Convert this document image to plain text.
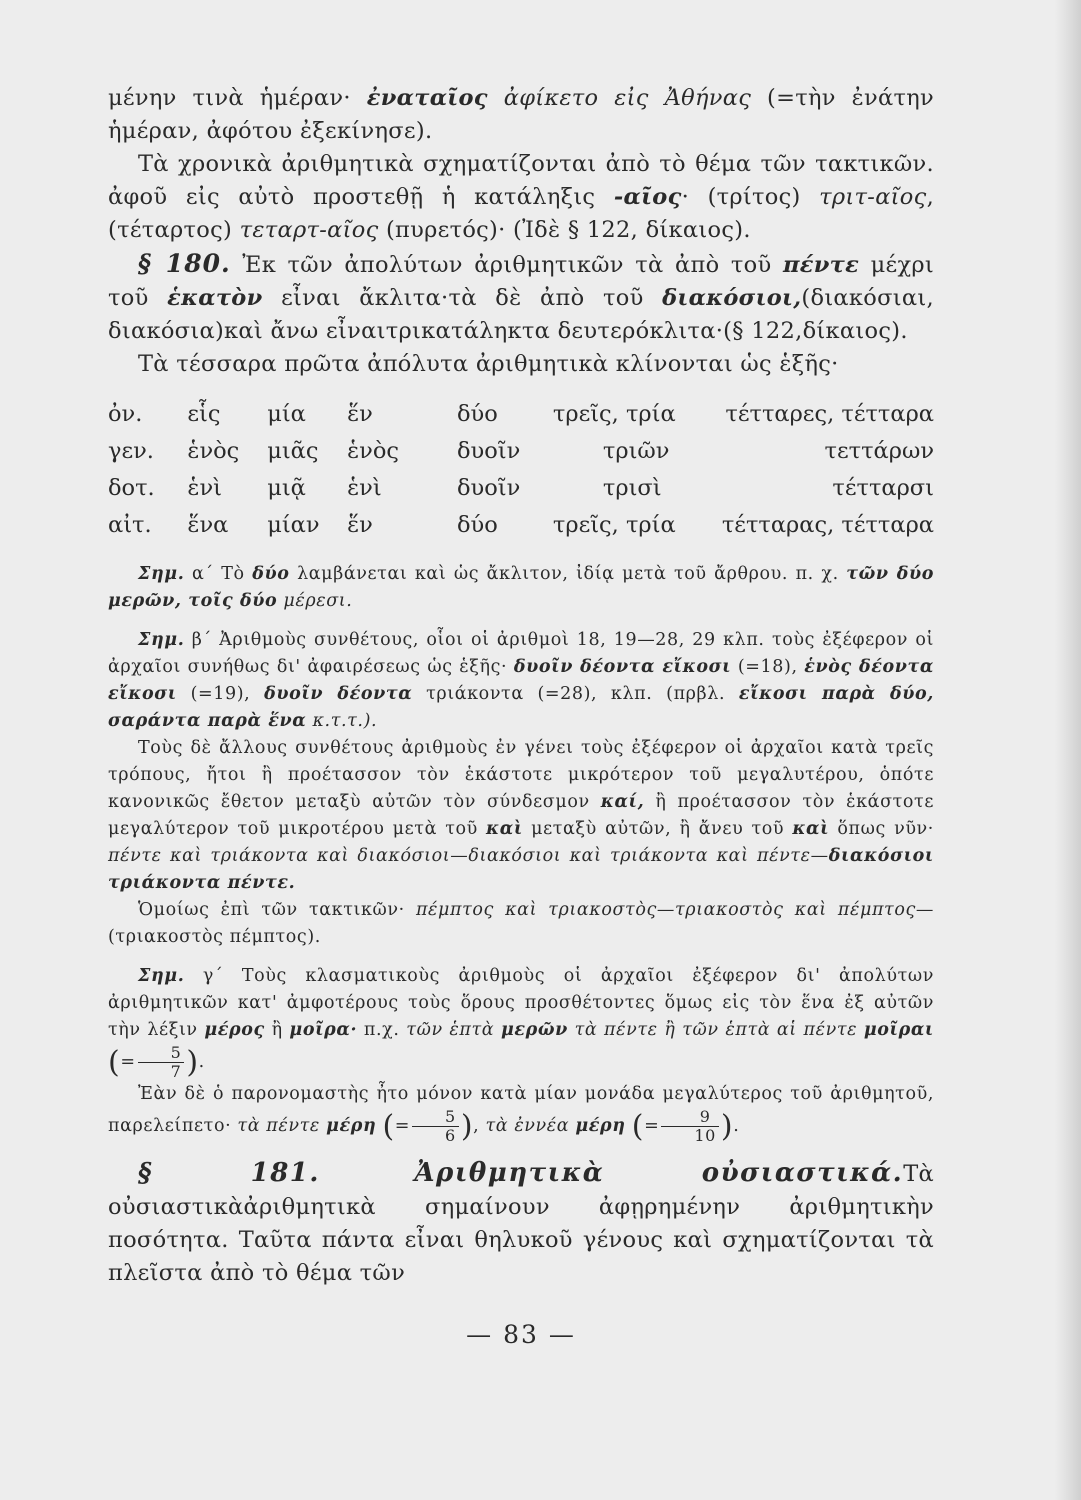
μένην τινὰ ἡμέραν· ἐναταῖος ἀφίκετο εἰς Ἀθήνας (=τὴν ἐνάτην ἡμέραν, ἀφότου ἐξεκίνησε).

Τὰ χρονικὰ ἀριθμητικὰ σχηματίζονται ἀπὸ τὸ θέμα τῶν τακτικῶν. ἀφοῦ εἰς αὐτὸ προστεθῇ ἡ κατάληξις -αῖος· (τρίτος) τριτ-αῖος, (τέταρτος) τεταρτ-αῖος (πυρετός)· (Ἰδὲ § 122, δίκαιος).

§ 180. Ἐκ τῶν ἀπολύτων ἀριθμητικῶν τὰ ἀπὸ τοῦ πέντε μέχρι τοῦ ἑκατὸν εἶναι ἄκλιτα·τὰ δὲ ἀπὸ τοῦ διακόσιοι,(διακόσιαι, διακόσια)καὶ ἄνω εἶναιτρικατάληκτα δευτερόκλιτα·(§ 122,δίκαιος).

Τὰ τέσσαρα πρῶτα ἀπόλυτα ἀριθμητικὰ κλίνονται ὡς ἑξῆς·

ὀν.	εἷς	μία	ἕν	δύο	τρεῖς, τρία	τέτταρες, τέτταρα
γεν.	ἑνὸς	μιᾶς	ἑνὸς	δυοῖν	τριῶν	τεττάρων
δοτ.	ἑνὶ	μιᾷ	ἑνὶ	δυοῖν	τρισὶ	τέτταρσι
αἰτ.	ἕνα	μίαν	ἕν	δύο	τρεῖς, τρία	τέτταρας, τέτταρα

Σημ. α΄ Τὸ δύο λαμβάνεται καὶ ὡς ἄκλιτον, ἰδίᾳ μετὰ τοῦ ἄρθρου. π. χ. τῶν δύο μερῶν, τοῖς δύο μέρεσι.

Σημ. β΄ Ἀριθμοὺς συνθέτους, οἷοι οἱ ἀριθμοὶ 18, 19—28, 29 κλπ. τοὺς ἐξέφερον οἱ ἀρχαῖοι συνήθως δι' ἀφαιρέσεως ὡς ἑξῆς· δυοῖν δέοντα εἴκοσι (=18), ἑνὸς δέοντα εἴκοσι (=19), δυοῖν δέοντα τριάκοντα (=28), κλπ. (πρβλ. εἴκοσι παρὰ δύο, σαράντα παρὰ ἕνα κ.τ.τ.).

Τοὺς δὲ ἄλλους συνθέτους ἀριθμοὺς ἐν γένει τοὺς ἐξέφερον οἱ ἀρχαῖοι κατὰ τρεῖς τρόπους, ἤτοι ἢ προέτασσον τὸν ἑκάστοτε μικρότερον τοῦ μεγαλυτέρου, ὁπότε κανονικῶς ἔθετον μεταξὺ αὐτῶν τὸν σύνδεσμον καί, ἢ προέτασσον τὸν ἑκάστοτε μεγαλύτερον τοῦ μικροτέρου μετὰ τοῦ καὶ μεταξὺ αὐτῶν, ἢ ἄνευ τοῦ καὶ ὅπως νῦν· πέντε καὶ τριάκοντα καὶ διακόσιοι—διακόσιοι καὶ τριάκοντα καὶ πέντε—διακόσιοι τριάκοντα πέντε.

Ὁμοίως ἐπὶ τῶν τακτικῶν· πέμπτος καὶ τριακοστὸς—τριακοστὸς καὶ πέμπτος—(τριακοστὸς πέμπτος).

Σημ. γ΄ Τοὺς κλασματικοὺς ἀριθμοὺς οἱ ἀρχαῖοι ἐξέφερον δι' ἀπολύτων ἀριθμητικῶν κατ' ἀμφοτέρους τοὺς ὅρους προσθέτοντες ὅμως εἰς τὸν ἕνα ἐξ αὐτῶν τὴν λέξιν μέρος ἢ μοῖρα· π.χ. τῶν ἑπτὰ μερῶν τὰ πέντε ἢ τῶν ἑπτὰ αἱ πέντε μοῖραι (= $\frac{5}{7}$ ).

Ἐὰν δὲ ὁ παρονομαστὴς ἦτο μόνον κατὰ μίαν μονάδα μεγαλύτερος τοῦ ἀριθμητοῦ, παρελείπετο· τὰ πέντε μέρη (= $\frac{5}{6}$ ), τὰ ἐννέα μέρη (= $\frac{9}{10}$ ).

§ 181.	Ἀριθμητικὰ οὐσιαστικά.Τὰ οὐσιαστικὰἀριθμητικὰ σημαίνουν ἀφῃρημένην ἀριθμητικὴν ποσότητα. Ταῦτα πάντα εἶναι θηλυκοῦ γένους καὶ σχηματίζονται τὰ πλεῖστα ἀπὸ τὸ θέμα τῶν

— 83 —
